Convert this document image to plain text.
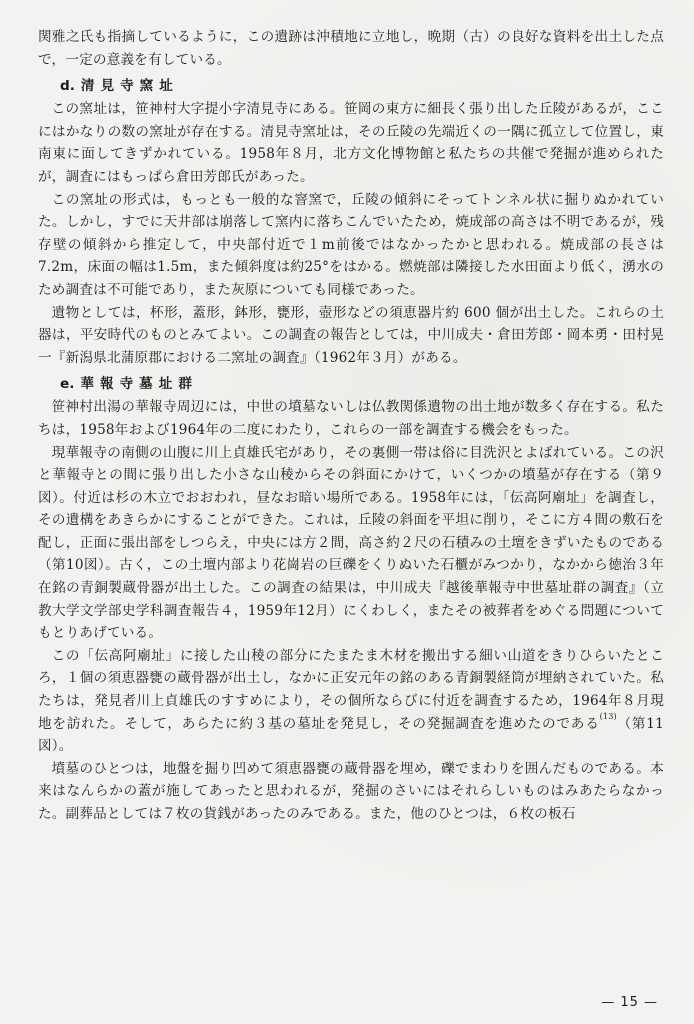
関雅之氏も指摘しているように，この遺跡は沖積地に立地し，晩期（古）の良好な資料を出土した点で，一定の意義を有している。

d. 清見寺窯址

この窯址は，笹神村大字提小字清見寺にある。笹岡の東方に細長く張り出した丘陵があるが，ここにはかなりの数の窯址が存在する。清見寺窯址は，その丘陵の先端近くの一隅に孤立して位置し，東南東に面してきずかれている。1958年８月，北方文化博物館と私たちの共催で発掘が進められたが，調査にはもっぱら倉田芳郎氏があった。

この窯址の形式は，もっとも一般的な窨窯で，丘陵の傾斜にそってトンネル状に掘りぬかれていた。しかし，すでに天井部は崩落して窯内に落ちこんでいたため，焼成部の高さは不明であるが，残存壁の傾斜から推定して，中央部付近で１m前後ではなかったかと思われる。焼成部の長さは7.2m，床面の幅は1.5m，また傾斜度は約25°をはかる。燃焼部は隣接した水田面より低く，湧水のため調査は不可能であり，また灰原についても同様であった。

遺物としては，杯形，蓋形，鉢形，甕形，壺形などの須恵器片約 600 個が出土した。これらの土器は，平安時代のものとみてよい。この調査の報告としては，中川成夫・倉田芳郎・岡本勇・田村晃一『新潟県北蒲原郡における二窯址の調査』（1962年３月）がある。

e. 華報寺墓址群

笹神村出湯の華報寺周辺には，中世の墳墓ないしは仏教関係遺物の出土地が数多く存在する。私たちは，1958年および1964年の二度にわたり，これらの一部を調査する機会をもった。

現華報寺の南側の山腹に川上貞雄氏宅があり，その裏側一帯は俗に目洗沢とよばれている。この沢と華報寺との間に張り出した小さな山稜からその斜面にかけて，いくつかの墳墓が存在する（第９図）。付近は杉の木立でおおわれ，昼なお暗い場所である。1958年には，「伝高阿廟址」を調査し，その遺構をあきらかにすることができた。これは，丘陵の斜面を平坦に削り，そこに方４間の敷石を配し，正面に張出部をしつらえ，中央には方２間，高さ約２尺の石積みの土壇をきずいたものである（第10図）。古く，この土壇内部より花崗岩の巨礫をくりぬいた石櫃がみつかり，なかから徳治３年在銘の青銅製蔵骨器が出土した。この調査の結果は，中川成夫『越後華報寺中世墓址群の調査』（立教大学文学部史学科調査報告４，1959年12月）にくわしく，またその被葬者をめぐる問題についてもとりあげている。

この「伝高阿廟址」に接した山稜の部分にたまたま木材を搬出する細い山道をきりひらいたところ，１個の須恵器甕の蔵骨器が出土し，なかに正安元年の銘のある青銅製経筒が埋納されていた。私たちは，発見者川上貞雄氏のすすめにより，その個所ならびに付近を調査するため，1964年８月現地を訪れた。そして，あらたに約３基の墓址を発見し，その発掘調査を進めたのである$^{(13)}$（第11図）。

墳墓のひとつは，地盤を掘り凹めて須恵器甕の蔵骨器を埋め，礫でまわりを囲んだものである。本来はなんらかの蓋が施してあったと思われるが，発掘のさいにはそれらしいものはみあたらなかった。副葬品としては７枚の貨銭があったのみである。また，他のひとつは，６枚の板石

— 15 —
